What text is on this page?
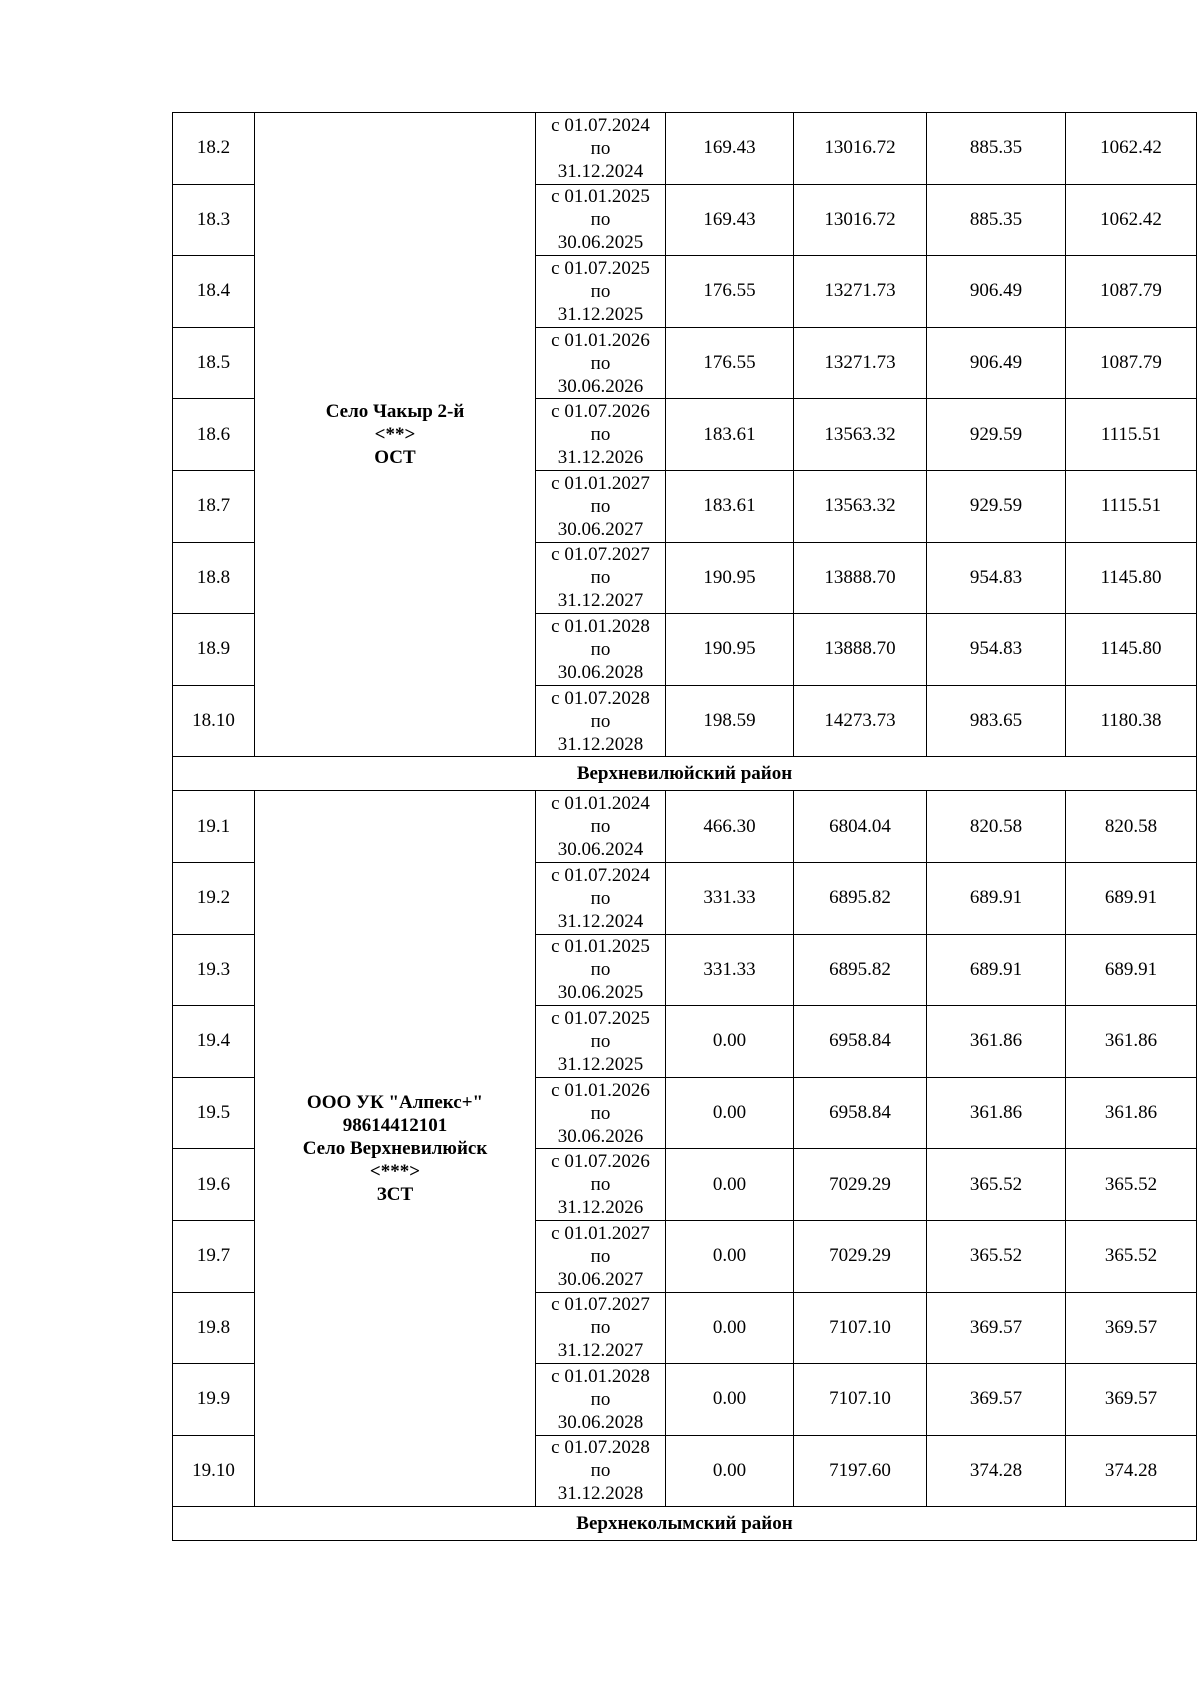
18.2	Село Чакыр 2-й
<**>
ОСТ	с 01.07.2024
по
31.12.2024	169.43	13016.72	885.35	1062.42
18.3		с 01.01.2025
по
30.06.2025	169.43	13016.72	885.35	1062.42
18.4		с 01.07.2025
по
31.12.2025	176.55	13271.73	906.49	1087.79
18.5		с 01.01.2026
по
30.06.2026	176.55	13271.73	906.49	1087.79
18.6		с 01.07.2026
по
31.12.2026	183.61	13563.32	929.59	1115.51
18.7		с 01.01.2027
по
30.06.2027	183.61	13563.32	929.59	1115.51
18.8		с 01.07.2027
по
31.12.2027	190.95	13888.70	954.83	1145.80
18.9		с 01.01.2028
по
30.06.2028	190.95	13888.70	954.83	1145.80
18.10		с 01.07.2028
по
31.12.2028	198.59	14273.73	983.65	1180.38
Верхневилюйский район						
19.1	ООО УК "Алпекс+"
98614412101
Село Верхневилюйск
<***>
ЗСТ	с 01.01.2024
по
30.06.2024	466.30	6804.04	820.58	820.58
19.2		с 01.07.2024
по
31.12.2024	331.33	6895.82	689.91	689.91
19.3		с 01.01.2025
по
30.06.2025	331.33	6895.82	689.91	689.91
19.4		с 01.07.2025
по
31.12.2025	0.00	6958.84	361.86	361.86
19.5		с 01.01.2026
по
30.06.2026	0.00	6958.84	361.86	361.86
19.6		с 01.07.2026
по
31.12.2026	0.00	7029.29	365.52	365.52
19.7		с 01.01.2027
по
30.06.2027	0.00	7029.29	365.52	365.52
19.8		с 01.07.2027
по
31.12.2027	0.00	7107.10	369.57	369.57
19.9		с 01.01.2028
по
30.06.2028	0.00	7107.10	369.57	369.57
19.10		с 01.07.2028
по
31.12.2028	0.00	7197.60	374.28	374.28
Верхнеколымский район						
